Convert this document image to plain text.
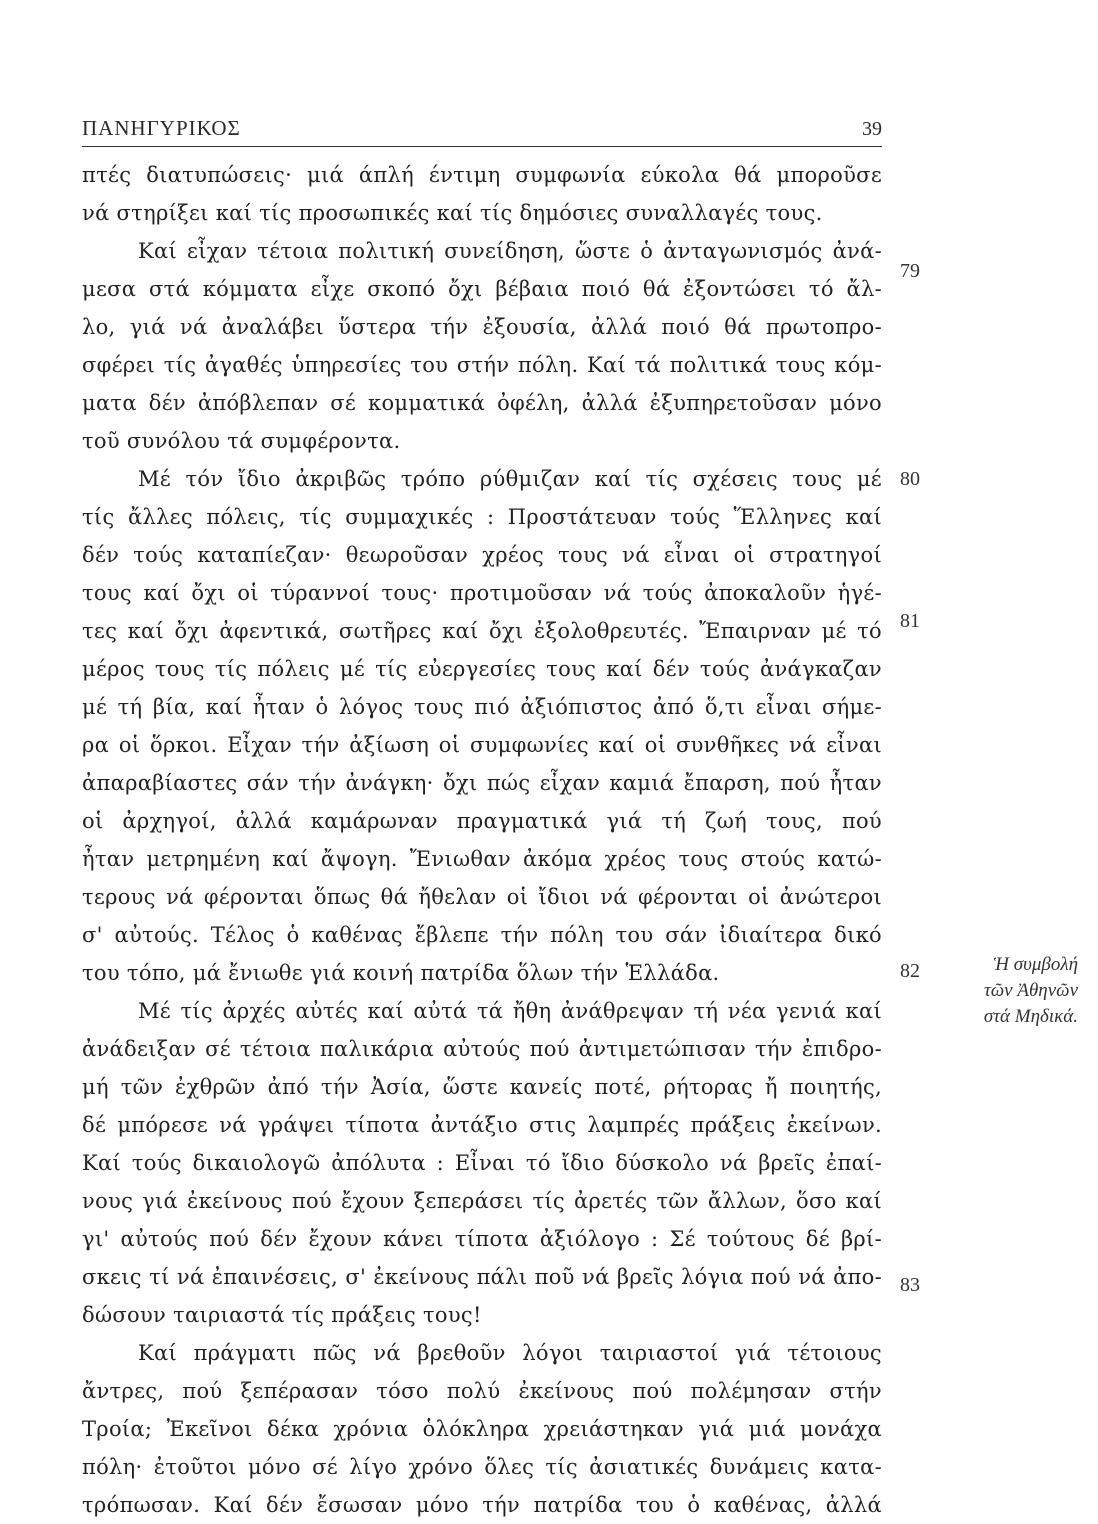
ΠΑΝΗΓΥΡΙΚΟΣ	39
πτές διατυπώσεις· μιά άπλή έντιμη συμφωνία εύκολα θά μποροῦσε
νά στηρίξει καί τίς προσωπικές καί τίς δημόσιες συναλλαγές τους.
Καί εἶχαν τέτοια πολιτική συνείδηση, ὥστε ὁ ἀνταγωνισμός ἀνά-
μεσα στά κόμματα εἶχε σκοπό ὄχι βέβαια ποιό θά ἐξοντώσει τό ἄλ-
λο, γιά νά ἀναλάβει ὕστερα τήν ἐξουσία, ἀλλά ποιό θά πρωτοπρο-
σφέρει τίς ἀγαθές ὑπηρεσίες του στήν πόλη. Καί τά πολιτικά τους κόμ-
ματα δέν ἀπόβλεπαν σέ κομματικά ὀφέλη, ἀλλά ἐξυπηρετοῦσαν μόνο
τοῦ συνόλου τά συμφέροντα.
Μέ τόν ἴδιο ἀκριβῶς τρόπο ρύθμιζαν καί τίς σχέσεις τους μέ
τίς ἄλλες πόλεις, τίς συμμαχικές : Προστάτευαν τούς Ἕλληνες καί
δέν τούς καταπίεζαν· θεωροῦσαν χρέος τους νά εἶναι οἱ στρατηγοί
τους καί ὄχι οἱ τύραννοί τους· προτιμοῦσαν νά τούς ἀποκαλοῦν ἡγέ-
τες καί ὄχι ἀφεντικά, σωτῆρες καί ὄχι ἐξολοθρευτές. Ἔπαιρναν μέ τό
μέρος τους τίς πόλεις μέ τίς εὐεργεσίες τους καί δέν τούς ἀνάγκαζαν
μέ τή βία, καί ἦταν ὁ λόγος τους πιό ἀξιόπιστος ἀπό ὅ,τι εἶναι σήμε-
ρα οἱ ὅρκοι. Εἶχαν τήν ἀξίωση οἱ συμφωνίες καί οἱ συνθῆκες νά εἶναι
ἀπαραβίαστες σάν τήν ἀνάγκη· ὄχι πώς εἶχαν καμιά ἔπαρση, πού ἦταν
οἱ ἀρχηγοί, ἀλλά καμάρωναν πραγματικά γιά τή ζωή τους, πού
ἦταν μετρημένη καί ἄψογη. Ἔνιωθαν ἀκόμα χρέος τους στούς κατώ-
τερους νά φέρονται ὅπως θά ἤθελαν οἱ ἴδιοι νά φέρονται οἱ ἀνώτεροι
σ' αὐτούς. Τέλος ὁ καθένας ἔβλεπε τήν πόλη του σάν ἰδιαίτερα δικό
του τόπο, μά ἔνιωθε γιά κοινή πατρίδα ὅλων τήν Ἑλλάδα.
Μέ τίς ἀρχές αὐτές καί αὐτά τά ἤθη ἀνάθρεψαν τή νέα γενιά καί
ἀνάδειξαν σέ τέτοια παλικάρια αὐτούς πού ἀντιμετώπισαν τήν ἐπιδρο-
μή τῶν ἐχθρῶν ἀπό τήν Ἀσία, ὥστε κανείς ποτέ, ρήτορας ἤ ποιητής,
δέ μπόρεσε νά γράψει τίποτα ἀντάξιο στις λαμπρές πράξεις ἐκείνων.
Καί τούς δικαιολογῶ ἀπόλυτα : Εἶναι τό ἴδιο δύσκολο νά βρεῖς ἐπαί-
νους γιά ἐκείνους πού ἔχουν ξεπεράσει τίς ἀρετές τῶν ἄλλων, ὅσο καί
γι' αὐτούς πού δέν ἔχουν κάνει τίποτα ἀξιόλογο : Σέ τούτους δέ βρί-
σκεις τί νά ἐπαινέσεις, σ' ἐκείνους πάλι ποῦ νά βρεῖς λόγια πού νά ἀπο-
δώσουν ταιριαστά τίς πράξεις τους!
Καί πράγματι πῶς νά βρεθοῦν λόγοι ταιριαστοί γιά τέτοιους
ἄντρες, πού ξεπέρασαν τόσο πολύ ἐκείνους πού πολέμησαν στήν
Τροία; Ἐκεῖνοι δέκα χρόνια ὁλόκληρα χρειάστηκαν γιά μιά μονάχα
πόλη· ἐτοῦτοι μόνο σέ λίγο χρόνο ὅλες τίς ἀσιατικές δυνάμεις κατα-
τρόπωσαν. Καί δέν ἔσωσαν μόνο τήν πατρίδα του ὁ καθένας, ἀλλά
79
80
81
82
83
Ἡ συμβολή
τῶν Ἀθηνῶν
στά Μηδικά.
